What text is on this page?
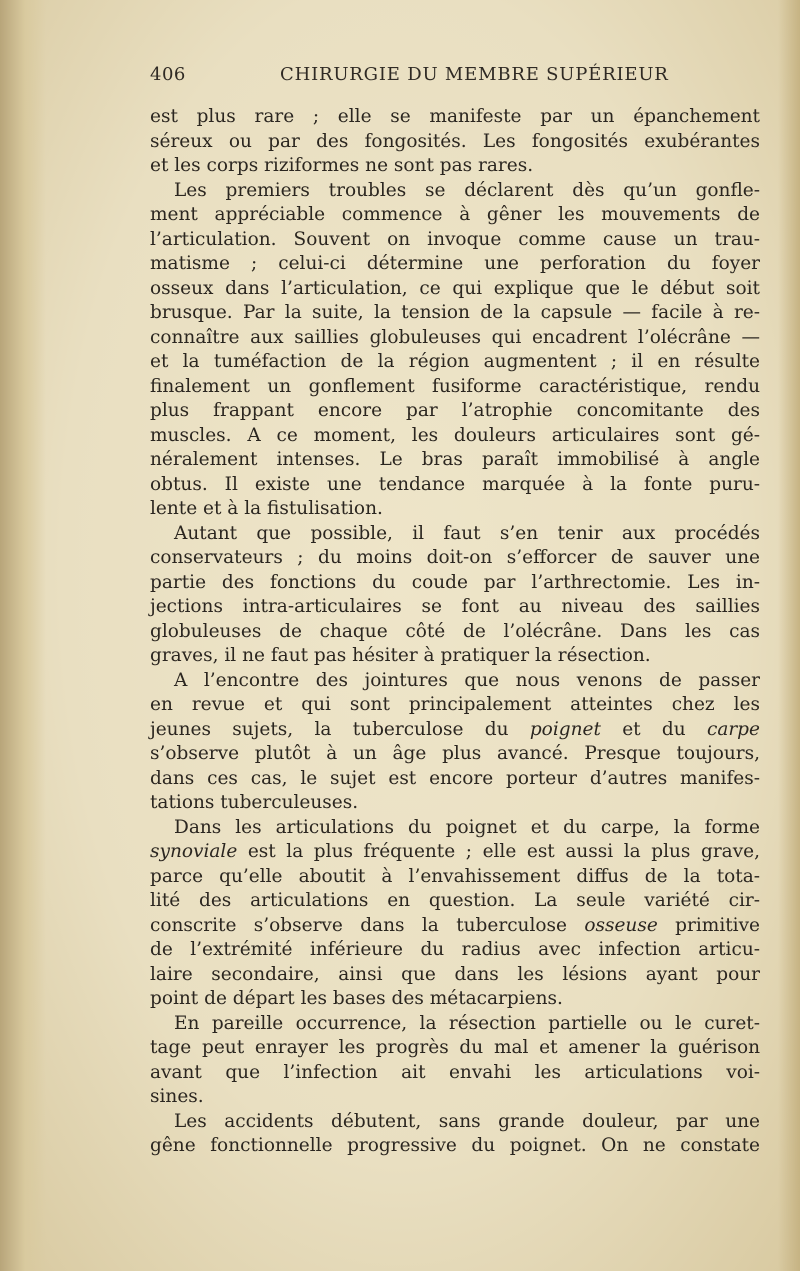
406	CHIRURGIE DU MEMBRE SUPÉRIEUR
est plus rare ; elle se manifeste par un épanchement
séreux ou par des fongosités. Les fongosités exubérantes
et les corps riziformes ne sont pas rares.
Les premiers troubles se déclarent dès qu’un gonfle-
ment appréciable commence à gêner les mouvements de
l’articulation. Souvent on invoque comme cause un trau-
matisme ; celui-ci détermine une perforation du foyer
osseux dans l’articulation, ce qui explique que le début soit
brusque. Par la suite, la tension de la capsule — facile à re-
connaître aux saillies globuleuses qui encadrent l’olécrâne —
et la tuméfaction de la région augmentent ; il en résulte
finalement un gonflement fusiforme caractéristique, rendu
plus frappant encore par l’atrophie concomitante des
muscles. A ce moment, les douleurs articulaires sont gé-
néralement intenses. Le bras paraît immobilisé à angle
obtus. Il existe une tendance marquée à la fonte puru-
lente et à la fistulisation.
Autant que possible, il faut s’en tenir aux procédés
conservateurs ; du moins doit-on s’efforcer de sauver une
partie des fonctions du coude par l’arthrectomie. Les in-
jections intra-articulaires se font au niveau des saillies
globuleuses de chaque côté de l’olécrâne. Dans les cas
graves, il ne faut pas hésiter à pratiquer la résection.
A l’encontre des jointures que nous venons de passer
en revue et qui sont principalement atteintes chez les
jeunes sujets, la tuberculose du poignet et du carpe
s’observe plutôt à un âge plus avancé. Presque toujours,
dans ces cas, le sujet est encore porteur d’autres manifes-
tations tuberculeuses.
Dans les articulations du poignet et du carpe, la forme
synoviale est la plus fréquente ; elle est aussi la plus grave,
parce qu’elle aboutit à l’envahissement diffus de la tota-
lité des articulations en question. La seule variété cir-
conscrite s’observe dans la tuberculose osseuse primitive
de l’extrémité inférieure du radius avec infection articu-
laire secondaire, ainsi que dans les lésions ayant pour
point de départ les bases des métacarpiens.
En pareille occurrence, la résection partielle ou le curet-
tage peut enrayer les progrès du mal et amener la guérison
avant que l’infection ait envahi les articulations voi-
sines.
Les accidents débutent, sans grande douleur, par une
gêne fonctionnelle progressive du poignet. On ne constate
